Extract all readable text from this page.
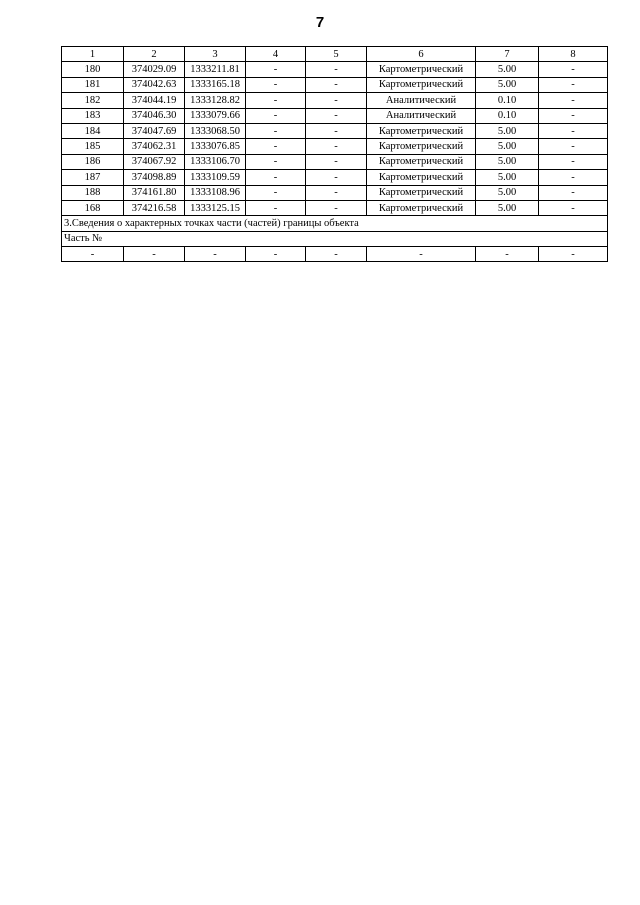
7
1	2	3	4	5	6	7	8
180	374029.09	1333211.81	-	-	Картометрический	5.00	-
181	374042.63	1333165.18	-	-	Картометрический	5.00	-
182	374044.19	1333128.82	-	-	Аналитический	0.10	-
183	374046.30	1333079.66	-	-	Аналитический	0.10	-
184	374047.69	1333068.50	-	-	Картометрический	5.00	-
185	374062.31	1333076.85	-	-	Картометрический	5.00	-
186	374067.92	1333106.70	-	-	Картометрический	5.00	-
187	374098.89	1333109.59	-	-	Картометрический	5.00	-
188	374161.80	1333108.96	-	-	Картометрический	5.00	-
168	374216.58	1333125.15	-	-	Картометрический	5.00	-
3.Сведения о характерных точках части (частей) границы объекта							
Часть №							
-	-	-	-	-	-	-	-
